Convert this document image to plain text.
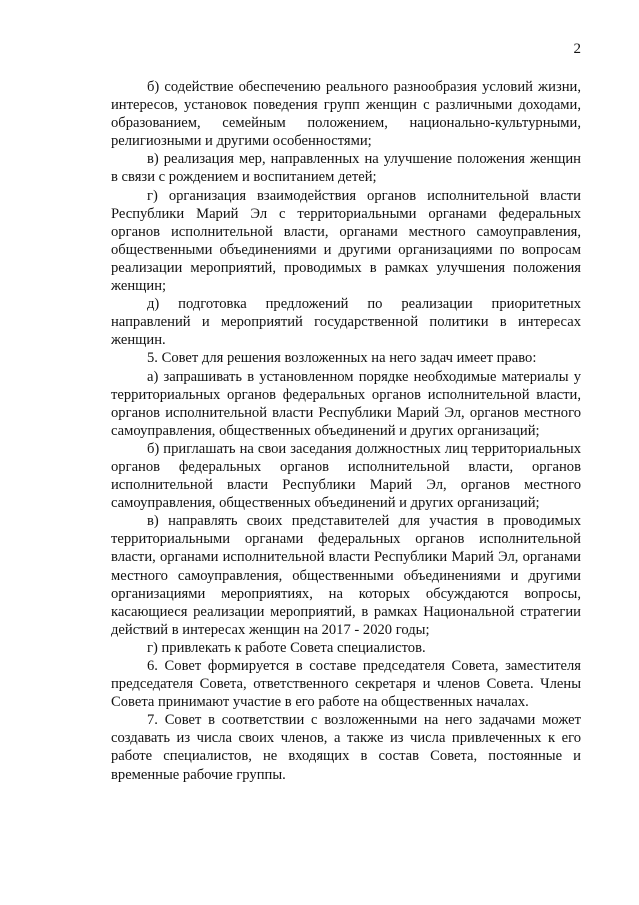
2

б) содействие обеспечению реального разнообразия условий жизни, интересов, установок поведения групп женщин с различными доходами, образованием, семейным положением, национально-культурными, религиозными и другими особенностями;

в) реализация мер, направленных на улучшение положения женщин в связи с рождением и воспитанием детей;

г) организация взаимодействия органов исполнительной власти Республики Марий Эл с территориальными органами федеральных органов исполнительной власти, органами местного самоуправления, общественными объединениями и другими организациями по вопросам реализации мероприятий, проводимых в рамках улучшения положения женщин;

д) подготовка предложений по реализации приоритетных направлений и мероприятий государственной политики в интересах женщин.

5. Совет для решения возложенных на него задач имеет право:

а) запрашивать в установленном порядке необходимые материалы у территориальных органов федеральных органов исполнительной власти, органов исполнительной власти Республики Марий Эл, органов местного самоуправления, общественных объединений и других организаций;

б) приглашать на свои заседания должностных лиц территориальных органов федеральных органов исполнительной власти, органов исполнительной власти Республики Марий Эл, органов местного самоуправления, общественных объединений и других организаций;

в) направлять своих представителей для участия в проводимых территориальными органами федеральных органов исполнительной власти, органами исполнительной власти Республики Марий Эл, органами местного самоуправления, общественными объединениями и другими организациями мероприятиях, на которых обсуждаются вопросы, касающиеся реализации мероприятий, в рамках Национальной стратегии действий в интересах женщин на 2017 - 2020 годы;

г) привлекать к работе Совета специалистов.

6. Совет формируется в составе председателя Совета, заместителя председателя Совета, ответственного секретаря и членов Совета. Члены Совета принимают участие в его работе на общественных началах.

7. Совет в соответствии с возложенными на него задачами может создавать из числа своих членов, а также из числа привлеченных к его работе специалистов, не входящих в состав Совета, постоянные и временные рабочие группы.
